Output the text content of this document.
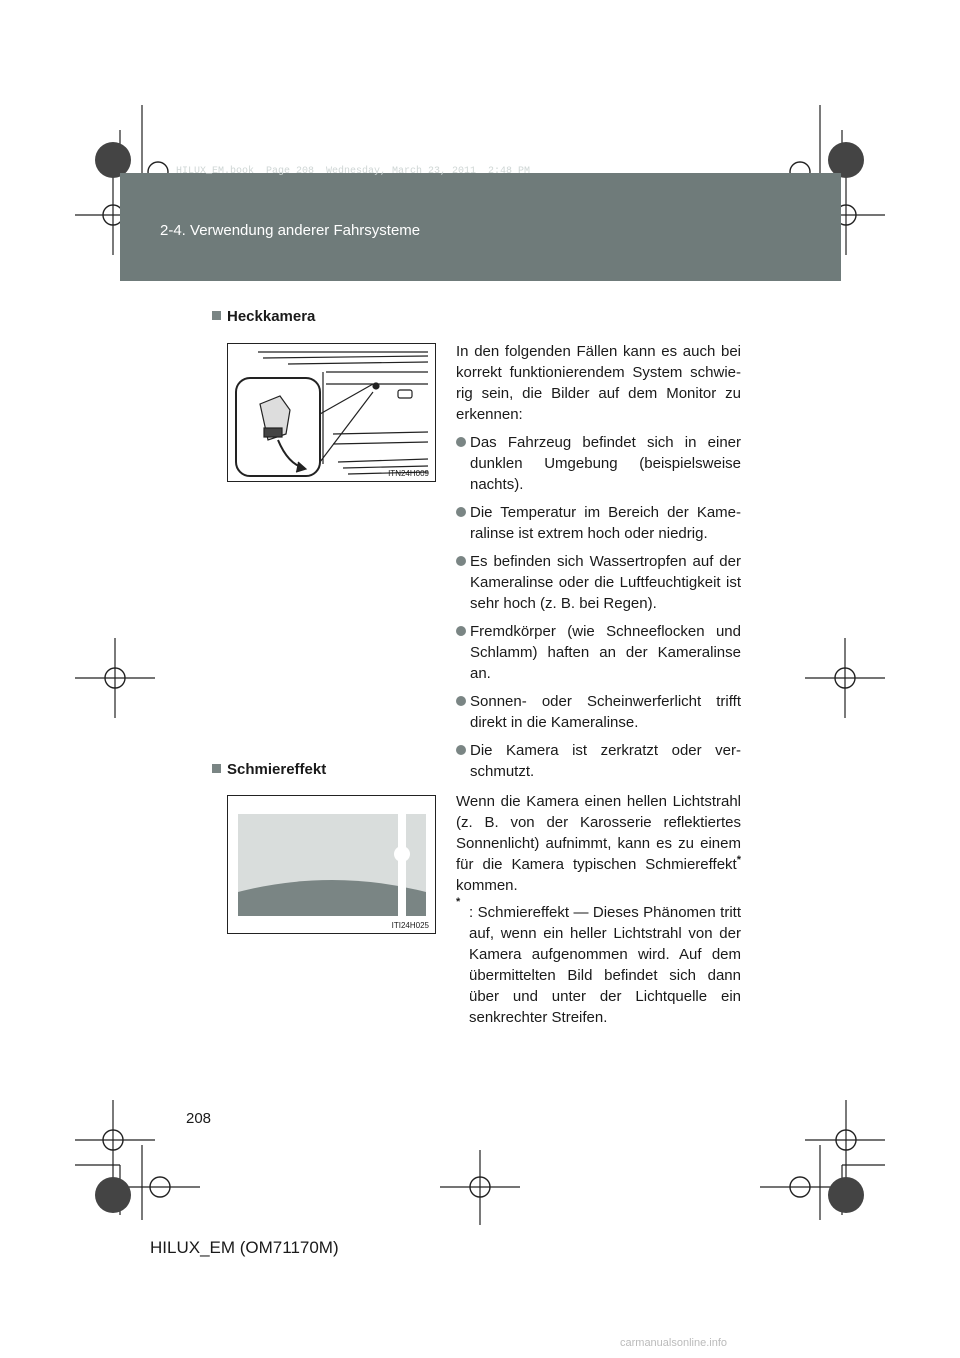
HILUX_EM.book  Page 208  Wednesday, March 23, 2011  2:48 PM
2-4. Verwendung anderer Fahrsysteme
Heckkamera
ITN24H009

In den folgenden Fällen kann es auch bei korrekt funktionierendem System schwie-rig sein, die Bilder auf dem Monitor zu erkennen:

Das Fahrzeug befindet sich in einer dunklen Umgebung (beispielsweise nachts).

Die Temperatur im Bereich der Kame-ralinse ist extrem hoch oder niedrig.

Es befinden sich Wassertropfen auf der Kameralinse oder die Luftfeuchtigkeit ist sehr hoch (z. B. bei Regen).

Fremdkörper (wie Schneeflocken und Schlamm) haften an der Kameralinse an.

Sonnen- oder Scheinwerferlicht trifft direkt in die Kameralinse.

Die Kamera ist zerkratzt oder ver-schmutzt.

Schmiereffekt
ITI24H025

Wenn die Kamera einen hellen Lichtstrahl (z. B. von der Karosserie reflektiertes Sonnenlicht) aufnimmt, kann es zu einem für die Kamera typischen Schmiereffekt* kommen.

*
: Schmiereffekt — Dieses Phänomen tritt auf, wenn ein heller Lichtstrahl von der Kamera aufgenommen wird. Auf dem übermittelten Bild befindet sich dann über und unter der Lichtquelle ein senkrechter Streifen.

208
HILUX_EM (OM71170M)
carmanualsonline.info
